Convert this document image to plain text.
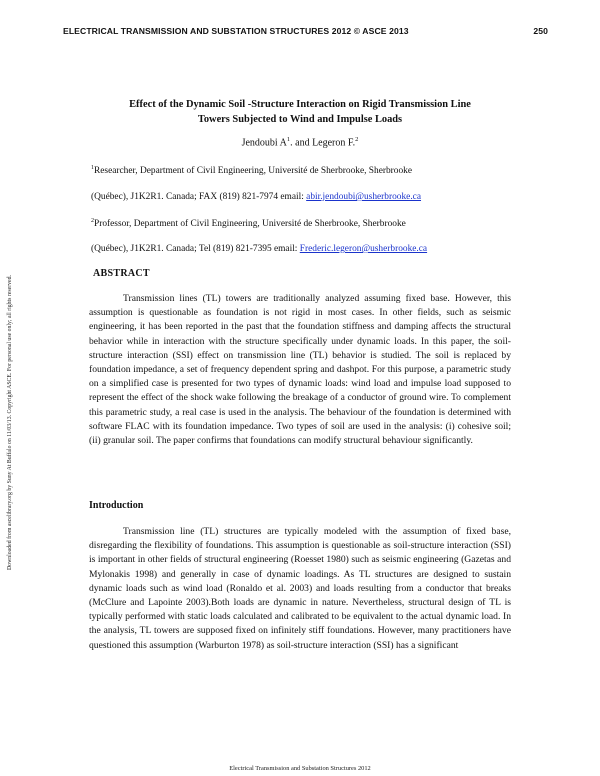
ELECTRICAL TRANSMISSION AND SUBSTATION STRUCTURES 2012 © ASCE 2013	250
Downloaded from ascelibrary.org by Suny At Buffalo on 11/03/13. Copyright ASCE. For personal use only; all rights reserved.
Effect of the Dynamic Soil -Structure Interaction on Rigid Transmission Line
Towers Subjected to Wind and Impulse Loads
Jendoubi $A^1$. and Legeron F.$^2$
$^1$Researcher, Department of Civil Engineering, Université de Sherbrooke, Sherbrooke
(Québec), J1K2R1. Canada; FAX (819) 821-7974 email: abir.jendoubi@usherbrooke.ca
$^2$Professor, Department of Civil Engineering, Université de Sherbrooke, Sherbrooke
(Québec), J1K2R1. Canada; Tel (819) 821-7395 email: Frederic.legeron@usherbrooke.ca
ABSTRACT

Transmission lines (TL) towers are traditionally analyzed assuming fixed base. However, this assumption is questionable as foundation is not rigid in most cases. In other fields, such as seismic engineering, it has been reported in the past that the foundation stiffness and damping affects the structural behavior while in interaction with the structure specifically under dynamic loads. In this paper, the soil-structure interaction (SSI) effect on transmission line (TL) behavior is studied. The soil is replaced by foundation impedance, a set of frequency dependent spring and dashpot. For this purpose, a parametric study on a simplified case is presented for two types of dynamic loads: wind load and impulse load supposed to represent the effect of the shock wake following the breakage of a conductor of ground wire. To complement this parametric study, a real case is used in the analysis. The behaviour of the foundation is determined with software FLAC with its foundation impedance. Two types of soil are used in the analysis: (i) cohesive soil; (ii) granular soil. The paper confirms that foundations can modify structural behaviour significantly.

Introduction

Transmission line (TL) structures are typically modeled with the assumption of fixed base, disregarding the flexibility of foundations. This assumption is questionable as soil-structure interaction (SSI) is important in other fields of structural engineering (Roesset 1980) such as seismic engineering (Gazetas and Mylonakis 1998) and generally in case of dynamic loadings. As TL structures are designed to sustain dynamic loads such as wind load (Ronaldo et al. 2003) and loads resulting from a conductor that breaks (McClure and Lapointe 2003).Both loads are dynamic in nature. Nevertheless, structural design of TL is typically performed with static loads calculated and calibrated to be equivalent to the actual dynamic load. In the analysis, TL towers are supposed fixed on infinitely stiff foundations. However, many practitioners have questioned this assumption (Warburton 1978) as soil-structure interaction (SSI) has a significant

Electrical Transmission and Substation Structures 2012
